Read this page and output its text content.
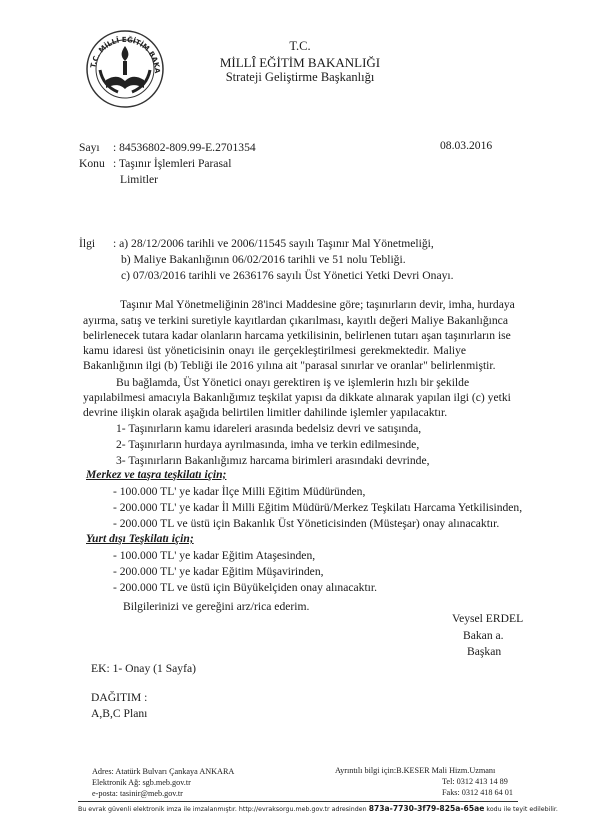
T.C. MİLLÎ EĞİTİM BAKA
T.C.
MİLLÎ EĞİTİM BAKANLIĞI
Strateji Geliştirme Başkanlığı
Sayı : 84536802-809.99-E.2701354	08.03.2016
Konu : Taşınır İşlemleri Parasal
Limitler
İlgi : a) 28/12/2006 tarihli ve 2006/11545 sayılı Taşınır Mal Yönetmeliği,
b) Maliye Bakanlığının 06/02/2016 tarihli ve 51 nolu Tebliği.
c) 07/03/2016 tarihli ve 2636176 sayılı Üst Yönetici Yetki Devri Onayı.
Taşınır Mal Yönetmeliğinin 28'inci Maddesine göre; taşınırların devir, imha, hurdaya
ayırma, satış ve terkini suretiyle kayıtlardan çıkarılması, kayıtlı değeri Maliye Bakanlığınca
belirlenecek tutara kadar olanların harcama yetkilisinin, belirlenen tutarı aşan taşınırların ise
kamu idaresi üst yöneticisinin onayı ile gerçekleştirilmesi gerekmektedir. Maliye
Bakanlığının ilgi (b) Tebliği ile 2016 yılına ait "parasal sınırlar ve oranlar" belirlenmiştir.
Bu bağlamda, Üst Yönetici onayı gerektiren iş ve işlemlerin hızlı bir şekilde
yapılabilmesi amacıyla Bakanlığımız teşkilat yapısı da dikkate alınarak yapılan ilgi (c) yetki
devrine ilişkin olarak aşağıda belirtilen limitler dahilinde işlemler yapılacaktır.
1- Taşınırların kamu idareleri arasında bedelsiz devri ve satışında,
2- Taşınırların hurdaya ayrılmasında, imha ve terkin edilmesinde,
3- Taşınırların Bakanlığımız harcama birimleri arasındaki devrinde,
Merkez ve taşra teşkilatı için;
- 100.000 TL' ye kadar İlçe Milli Eğitim Müdüründen,
- 200.000 TL' ye kadar İl Milli Eğitim Müdürü/Merkez Teşkilatı Harcama Yetkilisinden,
- 200.000 TL ve üstü için Bakanlık Üst Yöneticisinden (Müsteşar) onay alınacaktır.
Yurt dışı Teşkilatı için;
- 100.000 TL' ye kadar Eğitim Ataşesinden,
- 200.000 TL' ye kadar Eğitim Müşavirinden,
- 200.000 TL ve üstü için Büyükelçiden onay alınacaktır.
Bilgilerinizi ve gereğini arz/rica ederim.
Veysel ERDEL
Bakan a.
Başkan
EK: 1- Onay (1 Sayfa)
DAĞITIM :
A,B,C Planı
Adres: Atatürk Bulvarı Çankaya ANKARA
Elektronik Ağ: sgb.meb.gov.tr
e-posta: tasinir@meb.gov.tr
Ayrıntılı bilgi için:B.KESER Mali Hizm.Uzmanı
Tel: 0312 413 14 89
Faks: 0312 418 64 01
Bu evrak güvenli elektronik imza ile imzalanmıştır. http://evraksorgu.meb.gov.tr adresinden 873a-7730-3f79-825a-65ae kodu ile teyit edilebilir.
